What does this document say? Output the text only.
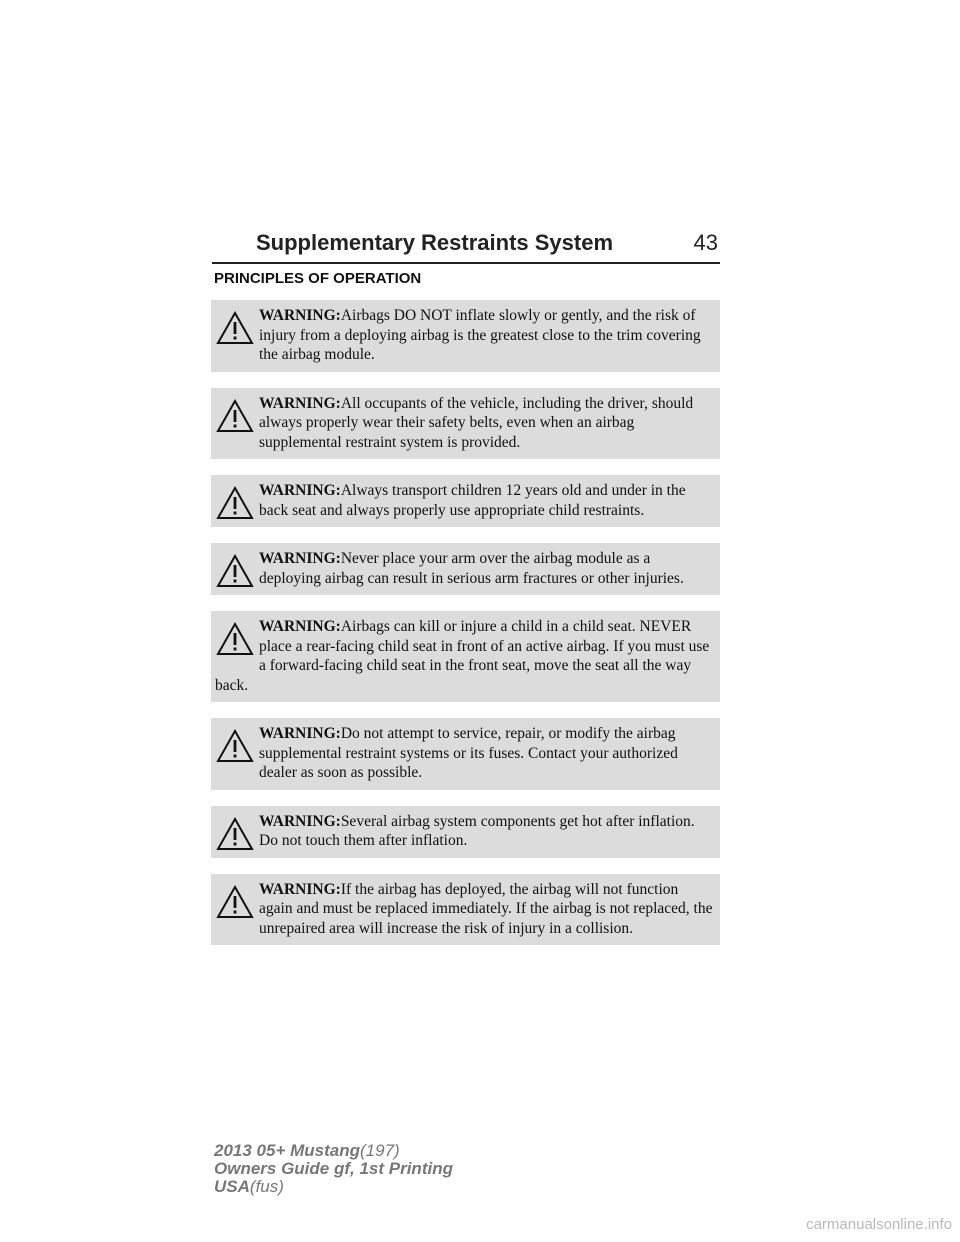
Supplementary Restraints System	43
PRINCIPLES OF OPERATION
WARNING:Airbags DO NOT inflate slowly or gently, and the risk of injury from a deploying airbag is the greatest close to the trim covering the airbag module.
WARNING:All occupants of the vehicle, including the driver, should always properly wear their safety belts, even when an airbag supplemental restraint system is provided.
WARNING:Always transport children 12 years old and under in the back seat and always properly use appropriate child restraints.
WARNING:Never place your arm over the airbag module as a deploying airbag can result in serious arm fractures or other injuries.
WARNING:Airbags can kill or injure a child in a child seat. NEVER place a rear-facing child seat in front of an active airbag. If you must use a forward-facing child seat in the front seat, move the seat all the way back.
WARNING:Do not attempt to service, repair, or modify the airbag supplemental restraint systems or its fuses. Contact your authorized dealer as soon as possible.
WARNING:Several airbag system components get hot after inflation. Do not touch them after inflation.
WARNING:If the airbag has deployed, the airbag will not function again and must be replaced immediately. If the airbag is not replaced, the unrepaired area will increase the risk of injury in a collision.
2013 05+ Mustang(197)
Owners Guide gf, 1st Printing
USA(fus)
carmanualsonline.info
